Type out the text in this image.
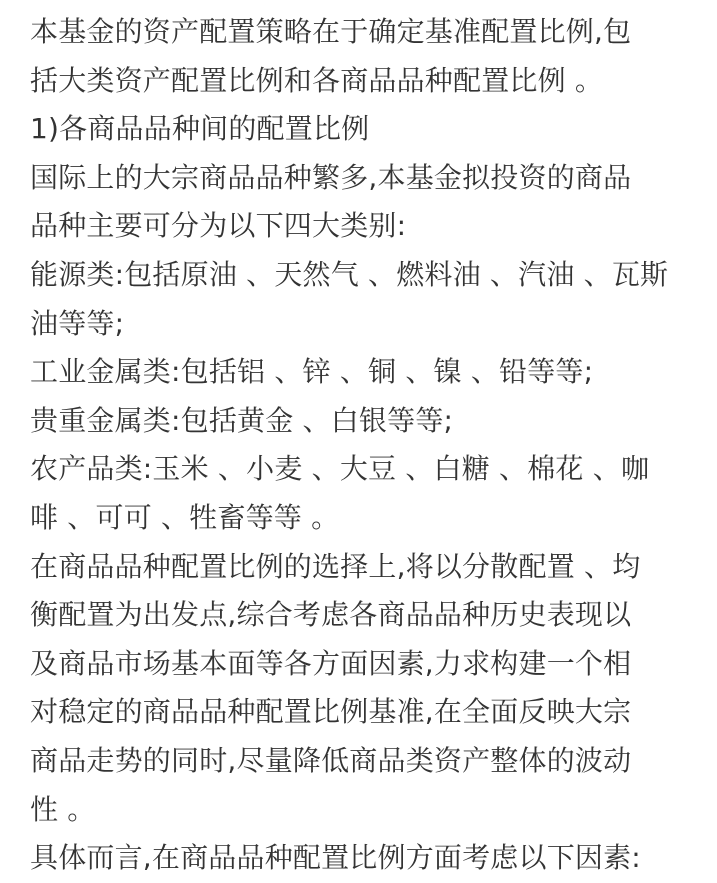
本基金的资产配置策略在于确定基准配置比例,包

括大类资产配置比例和各商品品种配置比例 。

1)各商品品种间的配置比例

国际上的大宗商品品种繁多,本基金拟投资的商品

品种主要可分为以下四大类别:

能源类:包括原油 、天然气 、燃料油 、汽油 、瓦斯

油等等;

工业金属类:包括铝 、锌 、铜 、镍 、铅等等;

贵重金属类:包括黄金 、白银等等;

农产品类:玉米 、小麦 、大豆 、白糖 、棉花 、咖

啡 、可可 、牲畜等等 。

在商品品种配置比例的选择上,将以分散配置 、均

衡配置为出发点,综合考虑各商品品种历史表现以

及商品市场基本面等各方面因素,力求构建一个相

对稳定的商品品种配置比例基准,在全面反映大宗

商品走势的同时,尽量降低商品类资产整体的波动

性 。

具体而言,在商品品种配置比例方面考虑以下因素:
